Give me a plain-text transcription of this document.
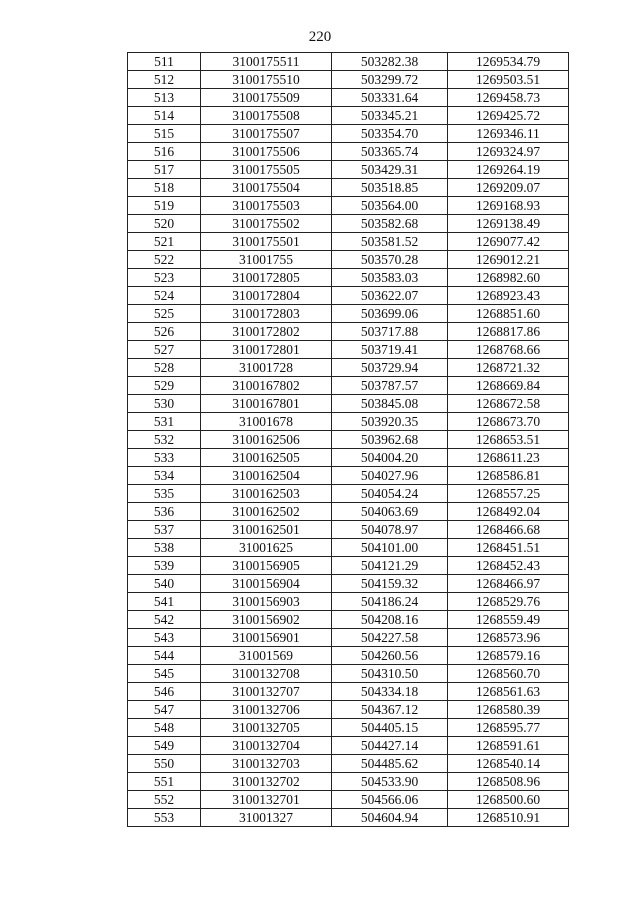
220
511	3100175511	503282.38	1269534.79
512	3100175510	503299.72	1269503.51
513	3100175509	503331.64	1269458.73
514	3100175508	503345.21	1269425.72
515	3100175507	503354.70	1269346.11
516	3100175506	503365.74	1269324.97
517	3100175505	503429.31	1269264.19
518	3100175504	503518.85	1269209.07
519	3100175503	503564.00	1269168.93
520	3100175502	503582.68	1269138.49
521	3100175501	503581.52	1269077.42
522	31001755	503570.28	1269012.21
523	3100172805	503583.03	1268982.60
524	3100172804	503622.07	1268923.43
525	3100172803	503699.06	1268851.60
526	3100172802	503717.88	1268817.86
527	3100172801	503719.41	1268768.66
528	31001728	503729.94	1268721.32
529	3100167802	503787.57	1268669.84
530	3100167801	503845.08	1268672.58
531	31001678	503920.35	1268673.70
532	3100162506	503962.68	1268653.51
533	3100162505	504004.20	1268611.23
534	3100162504	504027.96	1268586.81
535	3100162503	504054.24	1268557.25
536	3100162502	504063.69	1268492.04
537	3100162501	504078.97	1268466.68
538	31001625	504101.00	1268451.51
539	3100156905	504121.29	1268452.43
540	3100156904	504159.32	1268466.97
541	3100156903	504186.24	1268529.76
542	3100156902	504208.16	1268559.49
543	3100156901	504227.58	1268573.96
544	31001569	504260.56	1268579.16
545	3100132708	504310.50	1268560.70
546	3100132707	504334.18	1268561.63
547	3100132706	504367.12	1268580.39
548	3100132705	504405.15	1268595.77
549	3100132704	504427.14	1268591.61
550	3100132703	504485.62	1268540.14
551	3100132702	504533.90	1268508.96
552	3100132701	504566.06	1268500.60
553	31001327	504604.94	1268510.91
